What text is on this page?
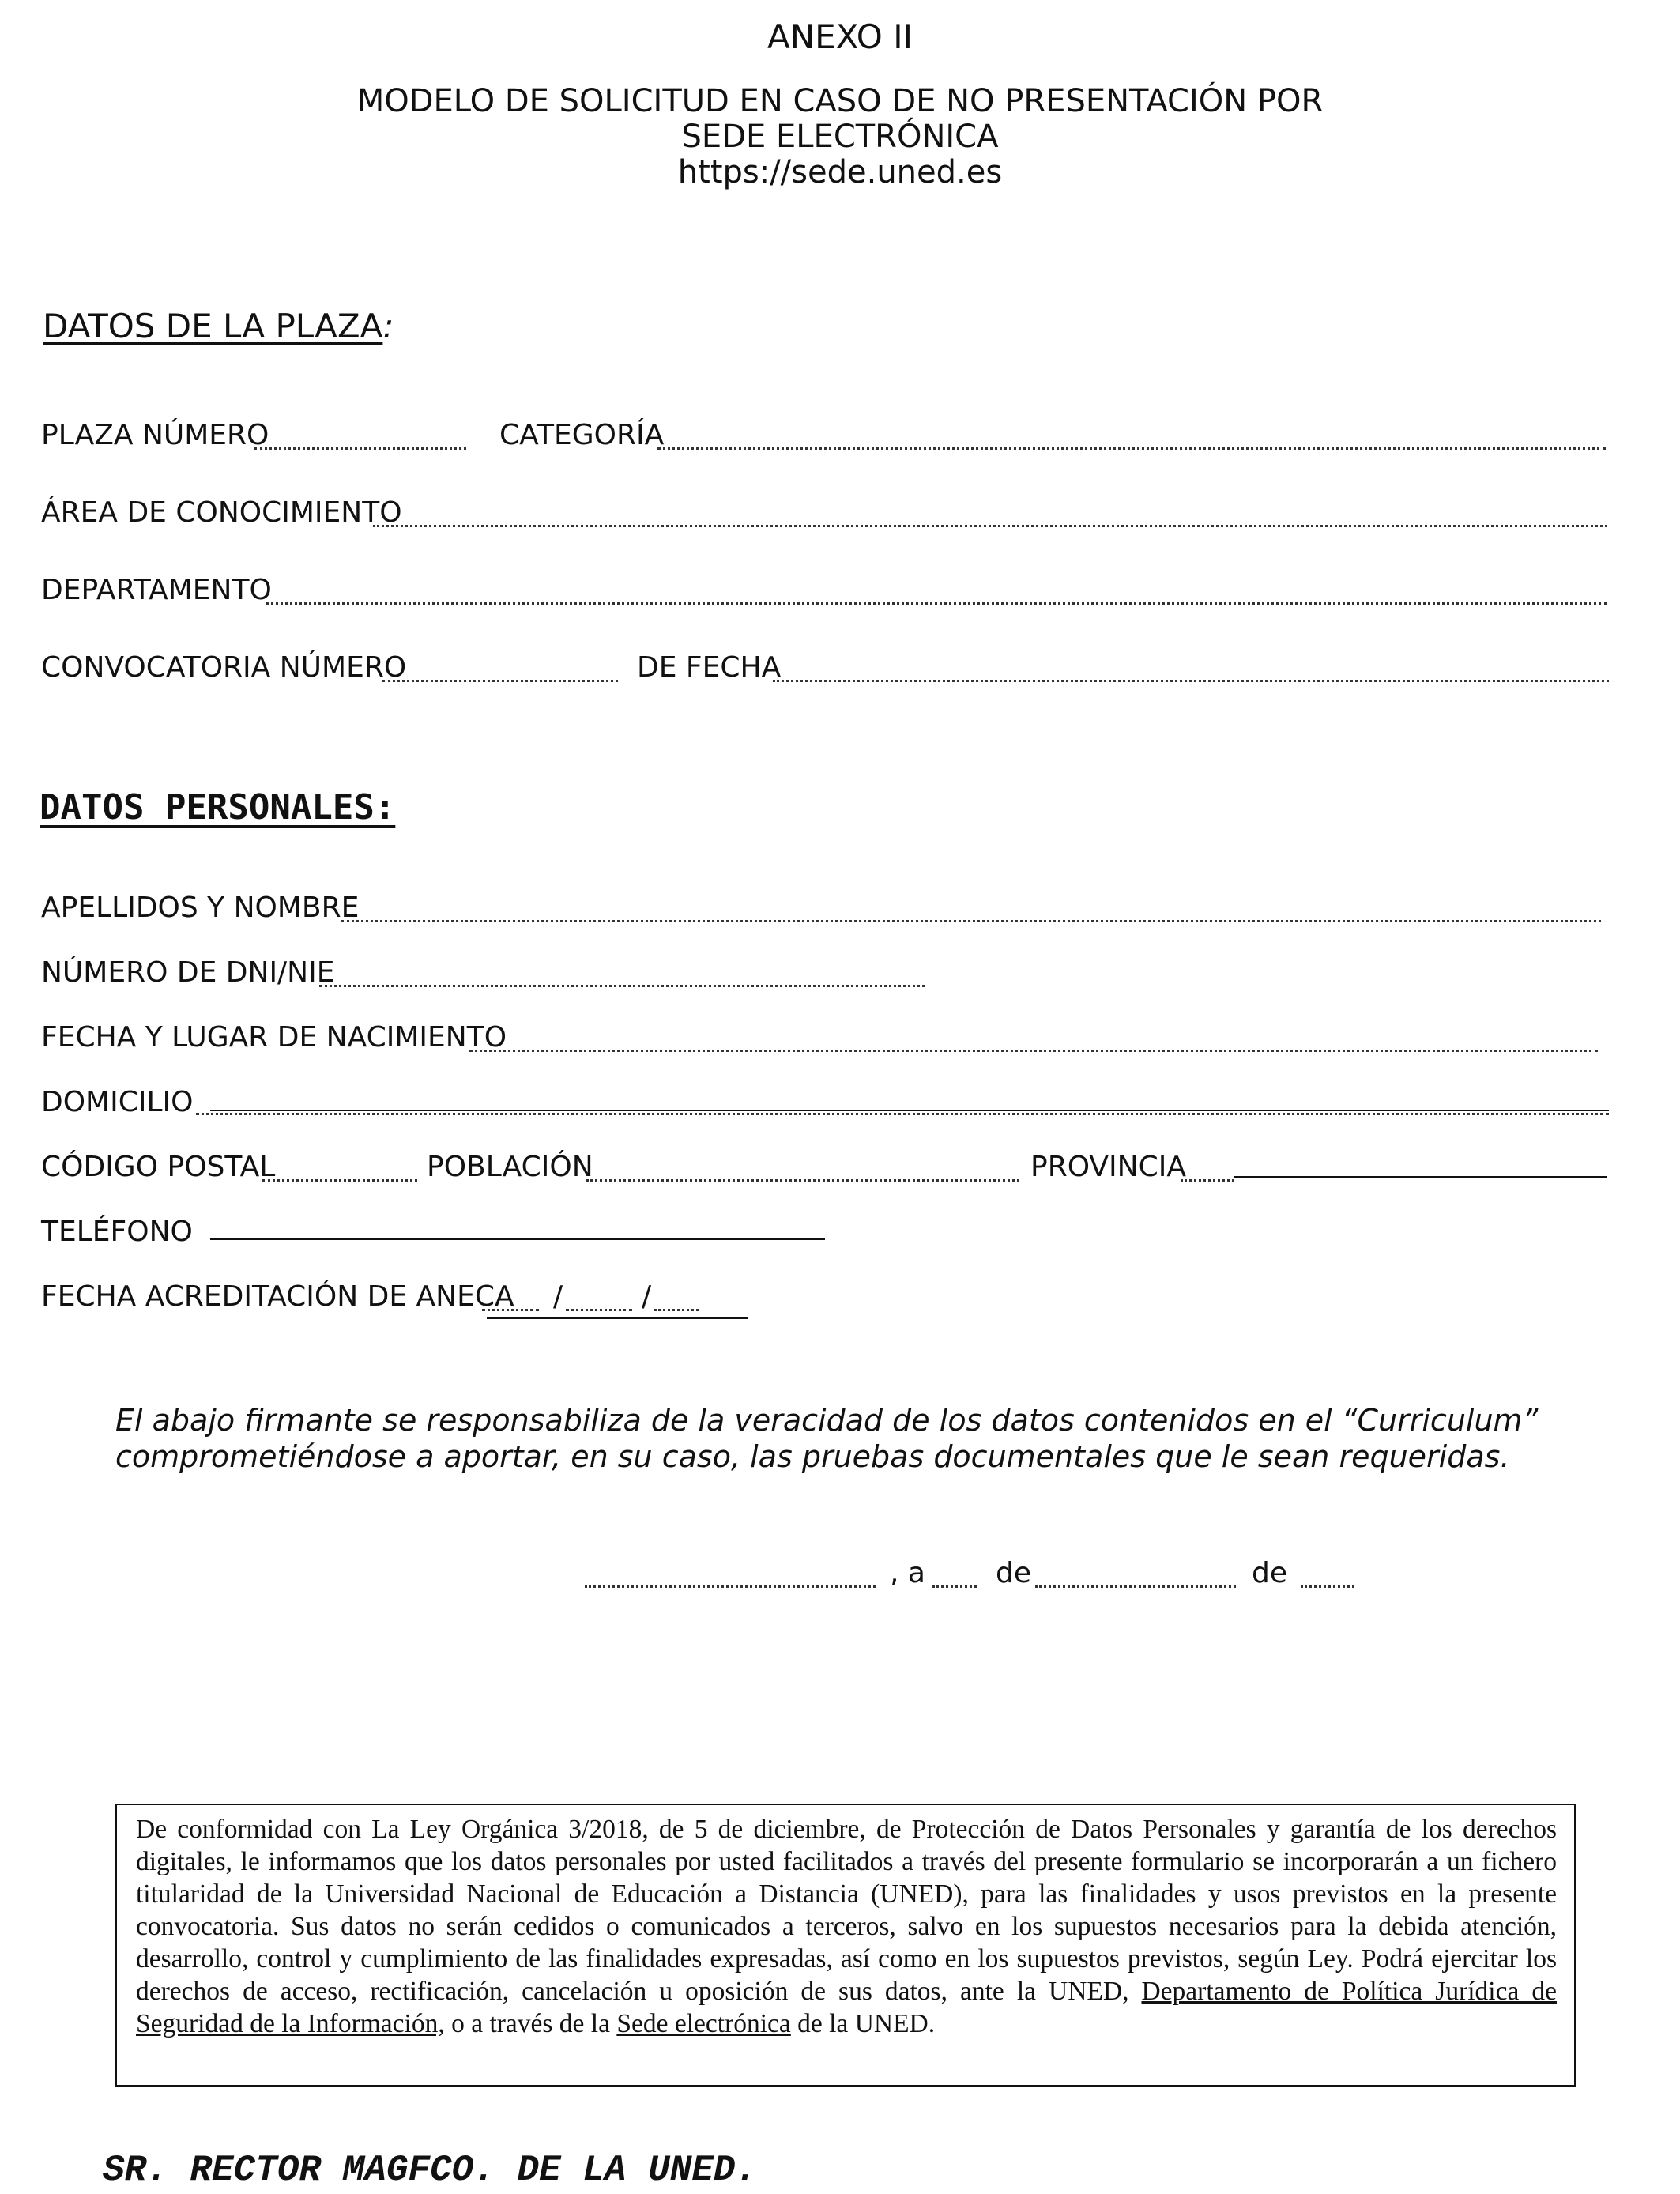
ANEXO II
MODELO DE SOLICITUD EN CASO DE NO PRESENTACIÓN POR
SEDE ELECTRÓNICA
https://sede.uned.es
DATOS DE LA PLAZA:
PLAZA NÚMERO	CATEGORÍA
ÁREA DE CONOCIMIENTO
DEPARTAMENTO
CONVOCATORIA NÚMERO	DE FECHA
DATOS PERSONALES:
APELLIDOS Y NOMBRE
NÚMERO DE DNI/NIE
FECHA Y LUGAR DE NACIMIENTO
DOMICILIO
CÓDIGO POSTAL	POBLACIÓN	PROVINCIA
TELÉFONO
FECHA ACREDITACIÓN DE ANECA /	/
El abajo firmante se responsabiliza de la veracidad de los datos contenidos en el “Curriculum” comprometiéndose a aportar, en su caso, las pruebas documentales que le sean requeridas.
, a de	de

De conformidad con La Ley Orgánica 3/2018, de 5 de diciembre, de Protección de Datos Personales y garantía de los derechos digitales, le informamos que los datos personales por usted facilitados a través del presente formulario se incorporarán a un fichero titularidad de la Universidad Nacional de Educación a Distancia (UNED), para las finalidades y usos previstos en la presente convocatoria. Sus datos no serán cedidos o comunicados a terceros, salvo en los supuestos necesarios para la debida atención, desarrollo, control y cumplimiento de las finalidades expresadas, así como en los supuestos previstos, según Ley. Podrá ejercitar los derechos de acceso, rectificación, cancelación u oposición de sus datos, ante la UNED, Departamento de Política Jurídica de Seguridad de la Información, o a través de la Sede electrónica de la UNED.

SR. RECTOR MAGFCO. DE LA UNED.
